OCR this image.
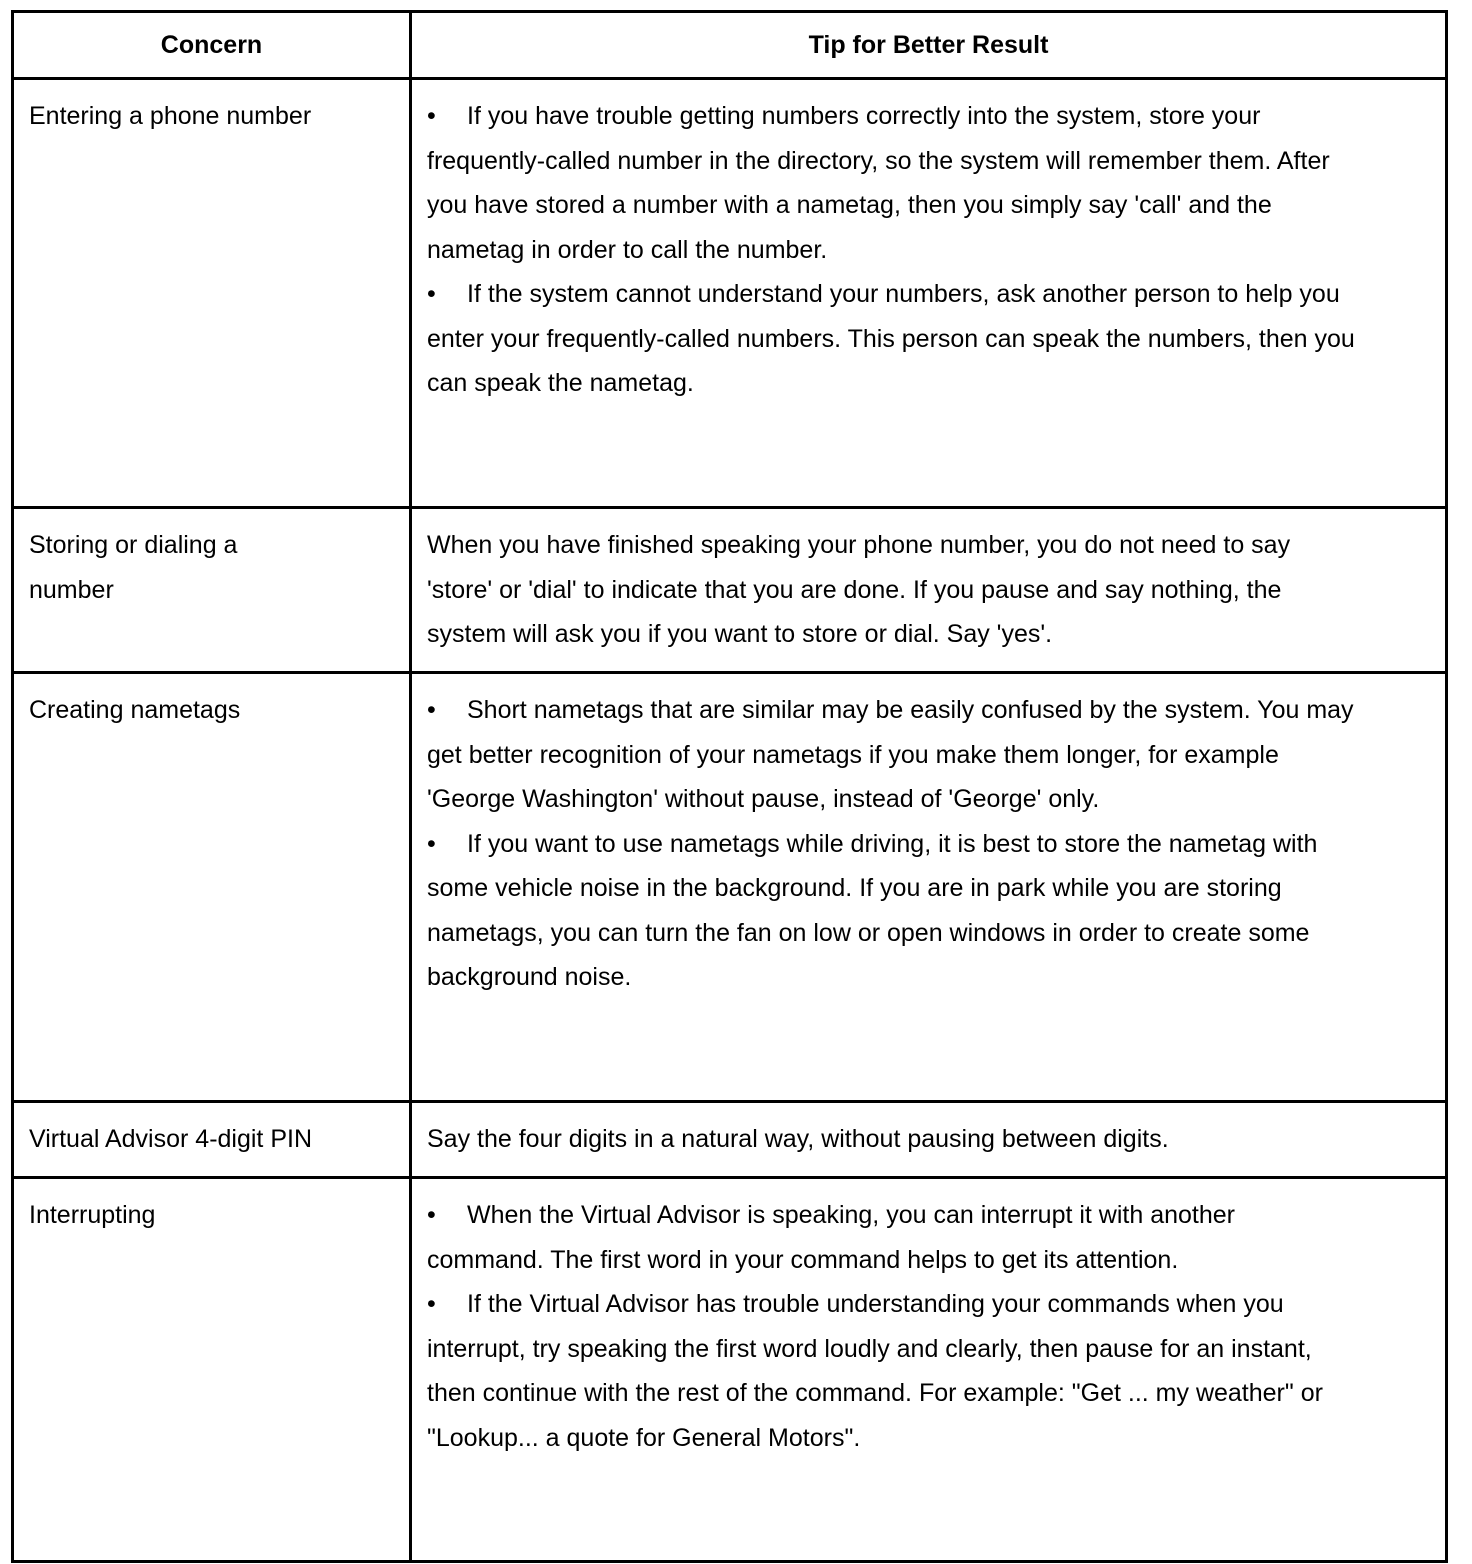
Concern	Tip for Better Result

Entering a phone number	• If you have trouble getting numbers correctly into the system, store your frequently-called number in the directory, so the system will remember them. After you have stored a number with a nametag, then you simply say 'call' and the nametag in order to call the number.

• If the system cannot understand your numbers, ask another person to help you enter your frequently-called numbers. This person can speak the numbers, then you can speak the nametag.

Storing or dialing a number	When you have finished speaking your phone number, you do not need to say 'store' or 'dial' to indicate that you are done. If you pause and say nothing, the system will ask you if you want to store or dial. Say 'yes'.

Creating nametags	• Short nametags that are similar may be easily confused by the system. You may get better recognition of your nametags if you make them longer, for example 'George Washington' without pause, instead of 'George' only.

• If you want to use nametags while driving, it is best to store the nametag with some vehicle noise in the background. If you are in park while you are storing nametags, you can turn the fan on low or open windows in order to create some background noise.

Virtual Advisor 4-digit PIN	Say the four digits in a natural way, without pausing between digits.

Interrupting	• When the Virtual Advisor is speaking, you can interrupt it with another command. The first word in your command helps to get its attention.

• If the Virtual Advisor has trouble understanding your commands when you interrupt, try speaking the first word loudly and clearly, then pause for an instant, then continue with the rest of the command. For example: "Get ... my weather" or "Lookup... a quote for General Motors".
